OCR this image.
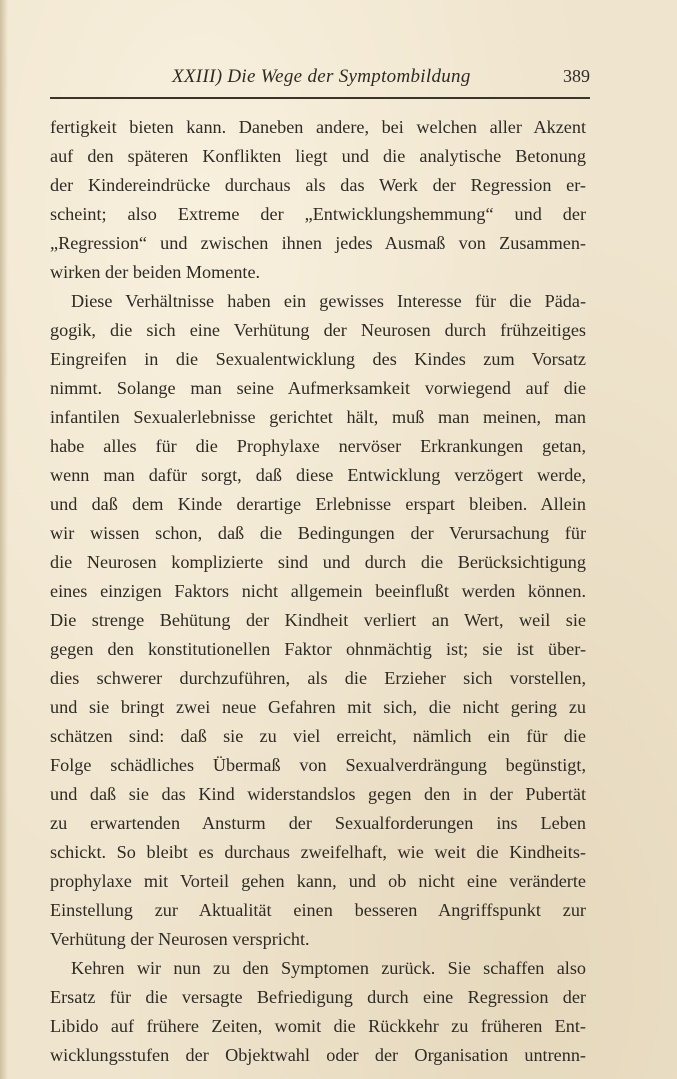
XXIII) Die Wege der Symptombildung	389
fertigkeit bieten kann. Daneben andere, bei welchen aller Akzent
auf den späteren Konflikten liegt und die analytische Betonung
der Kindereindrücke durchaus als das Werk der Regression er-
scheint; also Extreme der „Entwicklungshemmung“ und der
„Regression“ und zwischen ihnen jedes Ausmaß von Zusammen-
wirken der beiden Momente.
Diese Verhältnisse haben ein gewisses Interesse für die Päda-
gogik, die sich eine Verhütung der Neurosen durch frühzeitiges
Eingreifen in die Sexualentwicklung des Kindes zum Vorsatz
nimmt. Solange man seine Aufmerksamkeit vorwiegend auf die
infantilen Sexualerlebnisse gerichtet hält, muß man meinen, man
habe alles für die Prophylaxe nervöser Erkrankungen getan,
wenn man dafür sorgt, daß diese Entwicklung verzögert werde,
und daß dem Kinde derartige Erlebnisse erspart bleiben. Allein
wir wissen schon, daß die Bedingungen der Verursachung für
die Neurosen komplizierte sind und durch die Berücksichtigung
eines einzigen Faktors nicht allgemein beeinflußt werden können.
Die strenge Behütung der Kindheit verliert an Wert, weil sie
gegen den konstitutionellen Faktor ohnmächtig ist; sie ist über-
dies schwerer durchzuführen, als die Erzieher sich vorstellen,
und sie bringt zwei neue Gefahren mit sich, die nicht gering zu
schätzen sind: daß sie zu viel erreicht, nämlich ein für die
Folge schädliches Übermaß von Sexualverdrängung begünstigt,
und daß sie das Kind widerstandslos gegen den in der Pubertät
zu erwartenden Ansturm der Sexualforderungen ins Leben
schickt. So bleibt es durchaus zweifelhaft, wie weit die Kindheits-
prophylaxe mit Vorteil gehen kann, und ob nicht eine veränderte
Einstellung zur Aktualität einen besseren Angriffspunkt zur
Verhütung der Neurosen verspricht.
Kehren wir nun zu den Symptomen zurück. Sie schaffen also
Ersatz für die versagte Befriedigung durch eine Regression der
Libido auf frühere Zeiten, womit die Rückkehr zu früheren Ent-
wicklungsstufen der Objektwahl oder der Organisation untrenn-
